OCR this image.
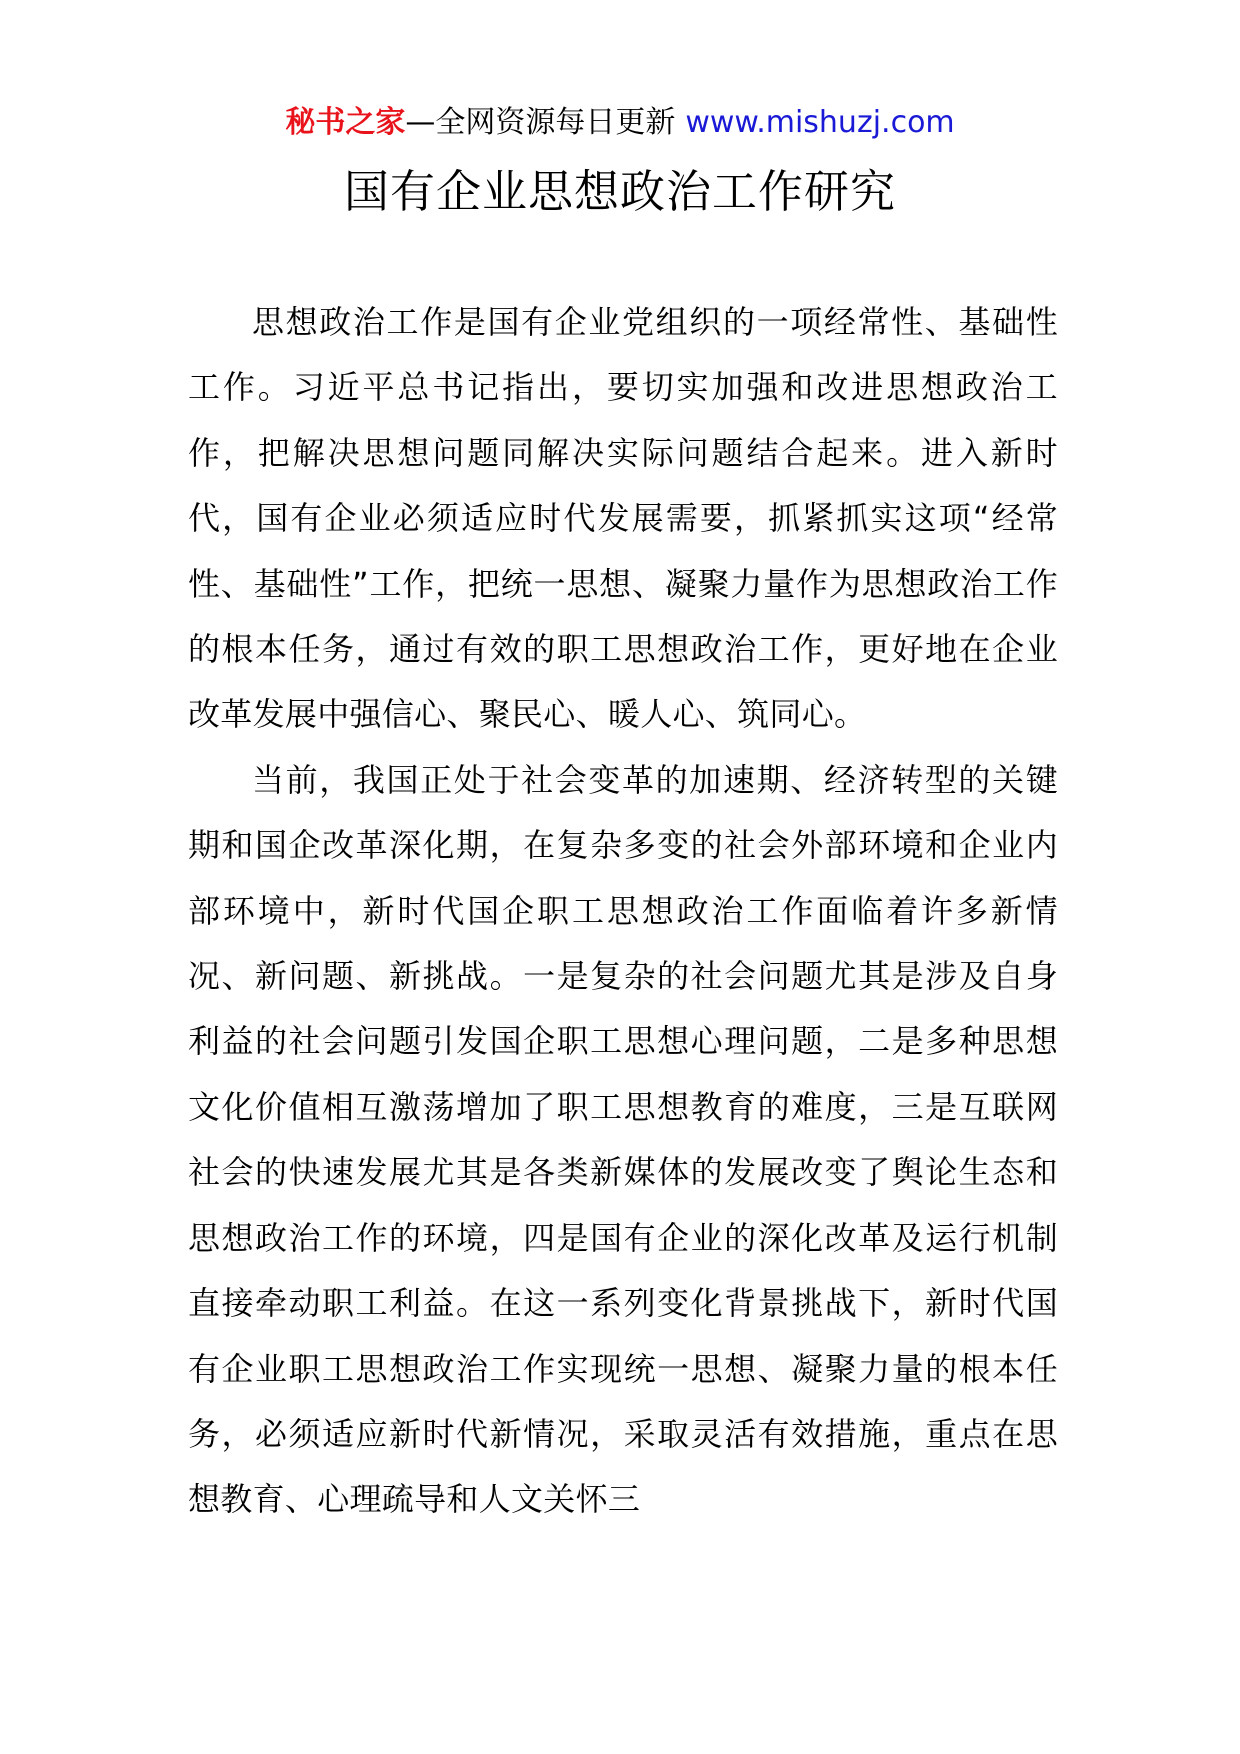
秘书之家—全网资源每日更新 www.mishuzj.com
国有企业思想政治工作研究

思想政治工作是国有企业党组织的一项经常性、基础性工作。习近平总书记指出，要切实加强和改进思想政治工作，把解决思想问题同解决实际问题结合起来。进入新时代，国有企业必须适应时代发展需要，抓紧抓实这项“经常性、基础性”工作，把统一思想、凝聚力量作为思想政治工作的根本任务，通过有效的职工思想政治工作，更好地在企业改革发展中强信心、聚民心、暖人心、筑同心。

当前，我国正处于社会变革的加速期、经济转型的关键期和国企改革深化期，在复杂多变的社会外部环境和企业内部环境中，新时代国企职工思想政治工作面临着许多新情况、新问题、新挑战。一是复杂的社会问题尤其是涉及自身利益的社会问题引发国企职工思想心理问题，二是多种思想文化价值相互激荡增加了职工思想教育的难度，三是互联网社会的快速发展尤其是各类新媒体的发展改变了舆论生态和思想政治工作的环境，四是国有企业的深化改革及运行机制直接牵动职工利益。在这一系列变化背景挑战下，新时代国有企业职工思想政治工作实现统一思想、凝聚力量的根本任务，必须适应新时代新情况，采取灵活有效措施，重点在思想教育、心理疏导和人文关怀三
